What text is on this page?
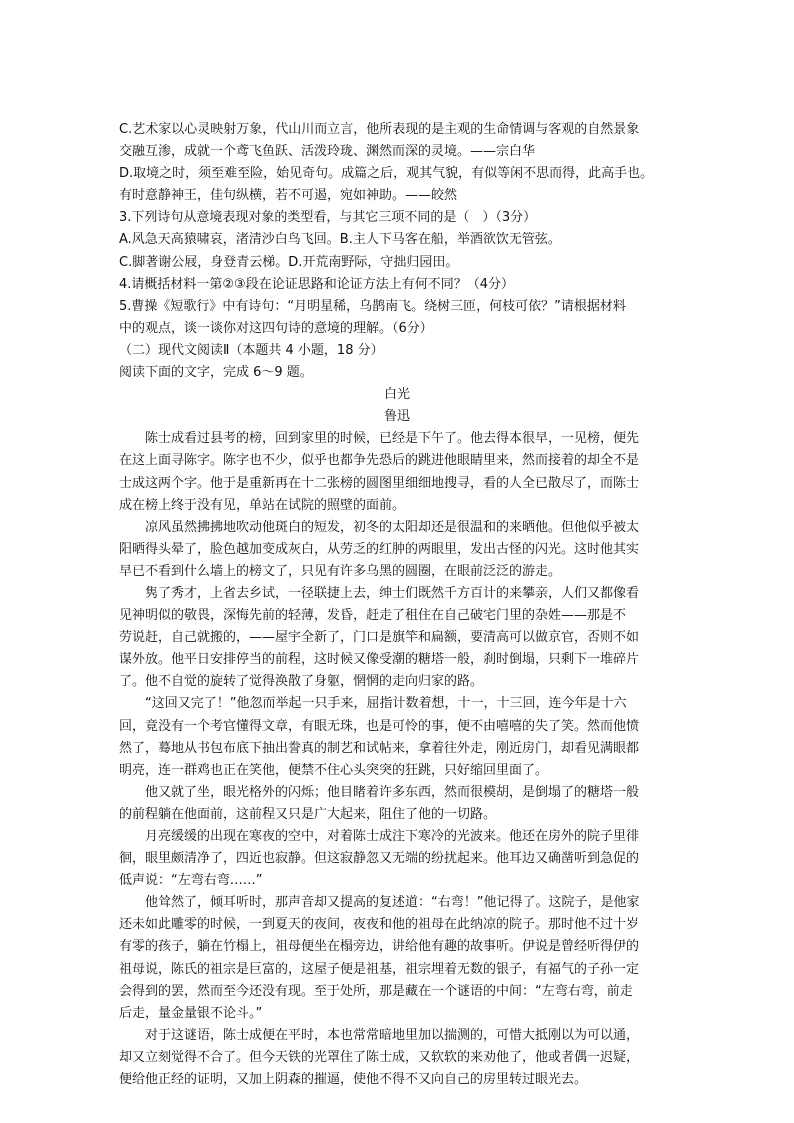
C.艺术家以心灵映射万象，代山川而立言，他所表现的是主观的生命情调与客观的自然景象
交融互渗，成就一个鸢飞鱼跃、活泼玲珑、渊然而深的灵境。——宗白华
D.取境之时，须至难至险，始见奇句。成篇之后，观其气貌，有似等闲不思而得，此高手也。
有时意静神王，佳句纵横，若不可遏，宛如神助。——皎然
3.下列诗句从意境表现对象的类型看，与其它三项不同的是（　）（3分）
A.风急天高猿啸哀，渚清沙白鸟飞回。B.主人下马客在船，举酒欲饮无管弦。
C.脚著谢公屐，身登青云梯。D.开荒南野际，守拙归园田。
4.请概括材料一第②③段在论证思路和论证方法上有何不同？（4分）
5.曹操《短歌行》中有诗句：“月明星稀，乌鹊南飞。绕树三匝，何枝可依？”请根据材料
中的观点，谈一谈你对这四句诗的意境的理解。（6分）
（二）现代文阅读Ⅱ（本题共 4 小题，18 分）
阅读下面的文字，完成 6～9 题。
白光
鲁迅
　　陈士成看过县考的榜，回到家里的时候，已经是下午了。他去得本很早，一见榜，便先
在这上面寻陈字。陈字也不少，似乎也都争先恐后的跳进他眼睛里来，然而接着的却全不是
士成这两个字。他于是重新再在十二张榜的圆图里细细地搜寻，看的人全已散尽了，而陈士
成在榜上终于没有见，单站在试院的照壁的面前。
　　凉风虽然拂拂地吹动他斑白的短发，初冬的太阳却还是很温和的来晒他。但他似乎被太
阳晒得头晕了，脸色越加变成灰白，从劳乏的红肿的两眼里，发出古怪的闪光。这时他其实
早已不看到什么墙上的榜文了，只见有许多乌黑的圆圈，在眼前泛泛的游走。
　　隽了秀才，上省去乡试，一径联捷上去，绅士们既然千方百计的来攀亲，人们又都像看
见神明似的敬畏，深悔先前的轻薄，发昏，赶走了租住在自己破宅门里的杂姓——那是不
劳说赶，自己就搬的，——屋宇全新了，门口是旗竿和扁额，要清高可以做京官，否则不如
谋外放。他平日安排停当的前程，这时候又像受潮的糖塔一般，刹时倒塌，只剩下一堆碎片
了。他不自觉的旋转了觉得涣散了身躯，惘惘的走向归家的路。
　　“这回又完了！”他忽而举起一只手来，屈指计数着想，十一，十三回，连今年是十六
回，竟没有一个考官懂得文章，有眼无珠，也是可怜的事，便不由嘻嘻的失了笑。然而他愤
然了，蓦地从书包布底下抽出誊真的制艺和试帖来，拿着往外走，刚近房门，却看见满眼都
明亮，连一群鸡也正在笑他，便禁不住心头突突的狂跳，只好缩回里面了。
　　他又就了坐，眼光格外的闪烁；他目睹着许多东西，然而很模胡，是倒塌了的糖塔一般
的前程躺在他面前，这前程又只是广大起来，阻住了他的一切路。
　　月亮缓缓的出现在寒夜的空中，对着陈士成注下寒冷的光波来。他还在房外的院子里徘
徊，眼里颇清净了，四近也寂静。但这寂静忽又无端的纷扰起来。他耳边又确凿听到急促的
低声说：“左弯右弯……”
　　他耸然了，倾耳听时，那声音却又提高的复述道：“右弯！”他记得了。这院子，是他家
还未如此雕零的时候，一到夏天的夜间，夜夜和他的祖母在此纳凉的院子。那时他不过十岁
有零的孩子，躺在竹榻上，祖母便坐在榻旁边，讲给他有趣的故事听。伊说是曾经听得伊的
祖母说，陈氏的祖宗是巨富的，这屋子便是祖基，祖宗埋着无数的银子，有福气的子孙一定
会得到的罢，然而至今还没有现。至于处所，那是藏在一个谜语的中间：“左弯右弯，前走
后走，量金量银不论斗。”
　　对于这谜语，陈士成便在平时，本也常常暗地里加以揣测的，可惜大抵刚以为可以通，
却又立刻觉得不合了。但今天铁的光罩住了陈士成，又软软的来劝他了，他或者偶一迟疑，
便给他正经的证明，又加上阴森的摧逼，使他不得不又向自己的房里转过眼光去。
